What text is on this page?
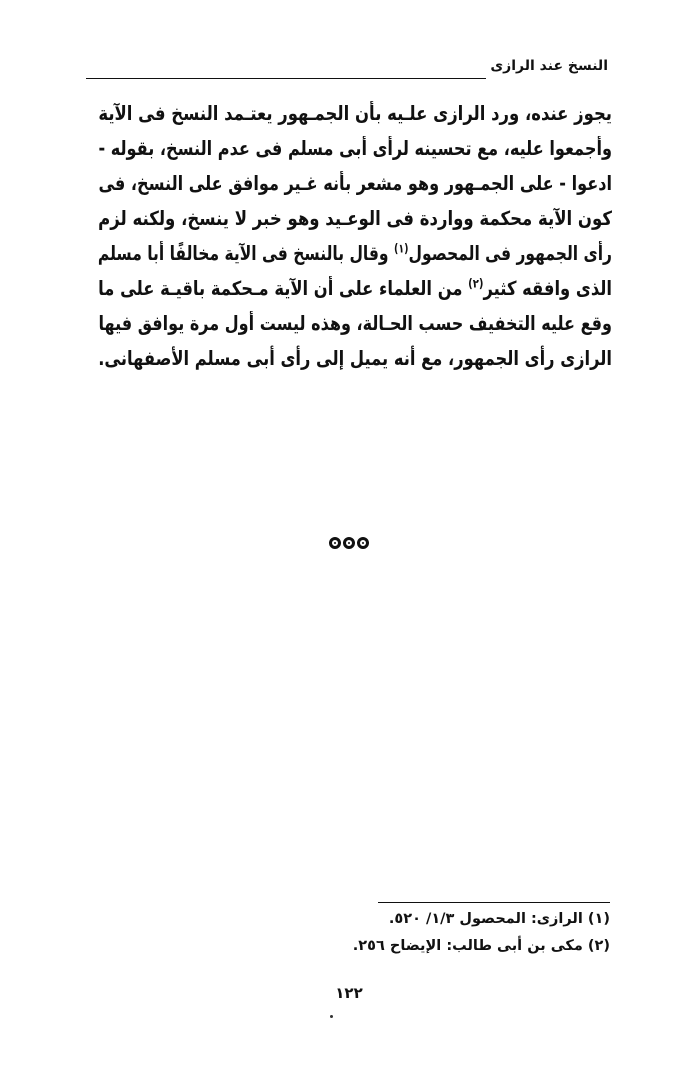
النسخ عند الرازى
يجوز عنده، ورد الرازى علـيه بأن الجمـهور يعتـمد النسخ فى الآية
وأجمعوا عليه، مع تحسينه لرأى أبى مسلم فى عدم النسخ، بقوله -
ادعوا - على الجمـهور وهو مشعر بأنه غـير موافق على النسخ، فى
كون الآية محكمة وواردة فى الوعـيد وهو خبر لا ينسخ، ولكنه لزم
رأى الجمهور فى المحصول$^{(١)}$ وقال بالنسخ فى الآية مخالفًا أبا مسلم
الذى وافقه كثير$^{(٢)}$ من العلماء على أن الآية مـحكمة باقيـة على ما
وقع عليه التخفيف حسب الحـالة، وهذه ليست أول مرة يوافق فيها
الرازى رأى الجمهور، مع أنه يميل إلى رأى أبى مسلم الأصفهانى.

(١) الرازى: المحصول ١/٣/ ٥٢٠.
(٢) مكى بن أبى طالب: الإيضاح ٢٥٦.
١٢٢
